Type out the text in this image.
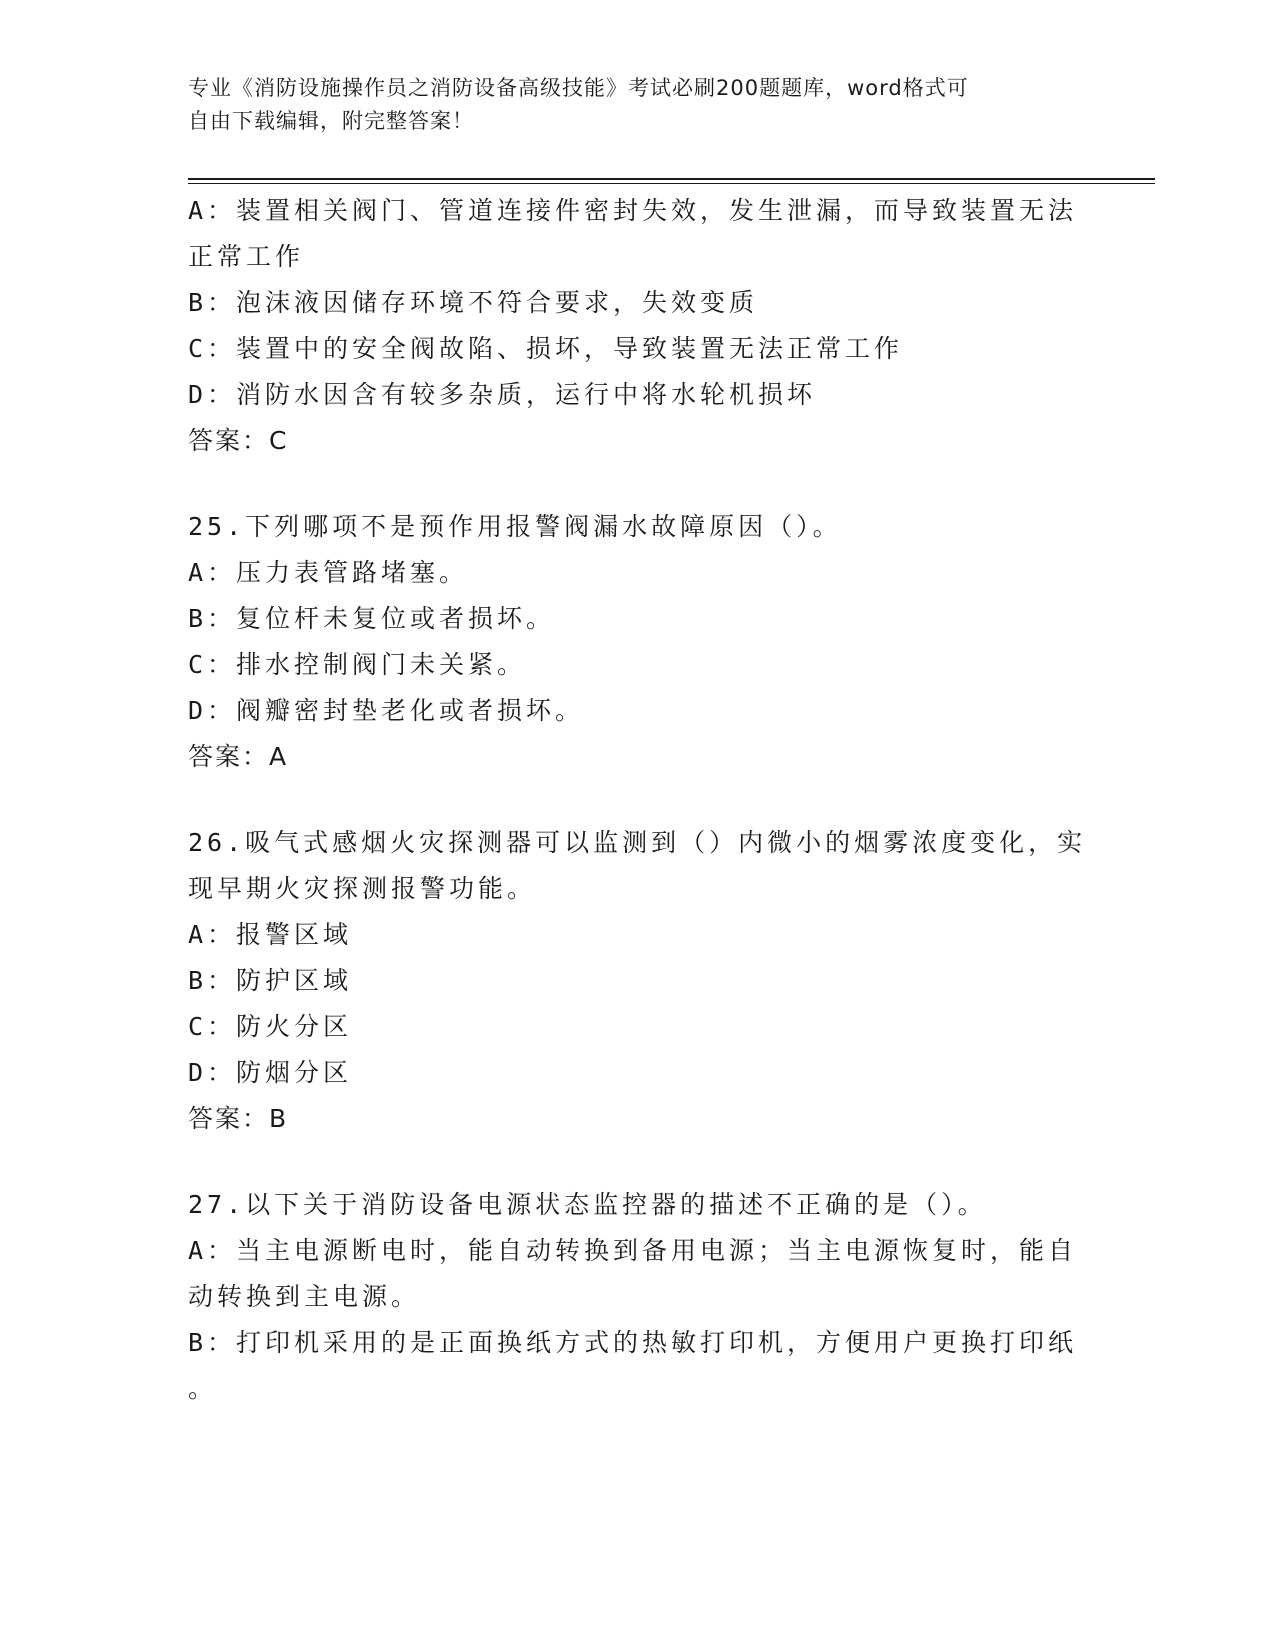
专业《消防设施操作员之消防设备高级技能》考试必刷200题题库，word格式可
自由下载编辑，附完整答案！

A：装置相关阀门、管道连接件密封失效，发生泄漏，而导致装置无法

正常工作

B：泡沫液因储存环境不符合要求，失效变质

C：装置中的安全阀故陷、损坏，导致装置无法正常工作

D：消防水因含有较多杂质，运行中将水轮机损坏

答案：C

25.下列哪项不是预作用报警阀漏水故障原因（）。

A：压力表管路堵塞。

B：复位杆未复位或者损坏。

C：排水控制阀门未关紧。

D：阀瓣密封垫老化或者损坏。

答案：A

26.吸气式感烟火灾探测器可以监测到（）内微小的烟雾浓度变化，实

现早期火灾探测报警功能。

A：报警区域

B：防护区域

C：防火分区

D：防烟分区

答案：B

27.以下关于消防设备电源状态监控器的描述不正确的是（）。

A：当主电源断电时，能自动转换到备用电源；当主电源恢复时，能自

动转换到主电源。

B：打印机采用的是正面换纸方式的热敏打印机，方便用户更换打印纸

。
